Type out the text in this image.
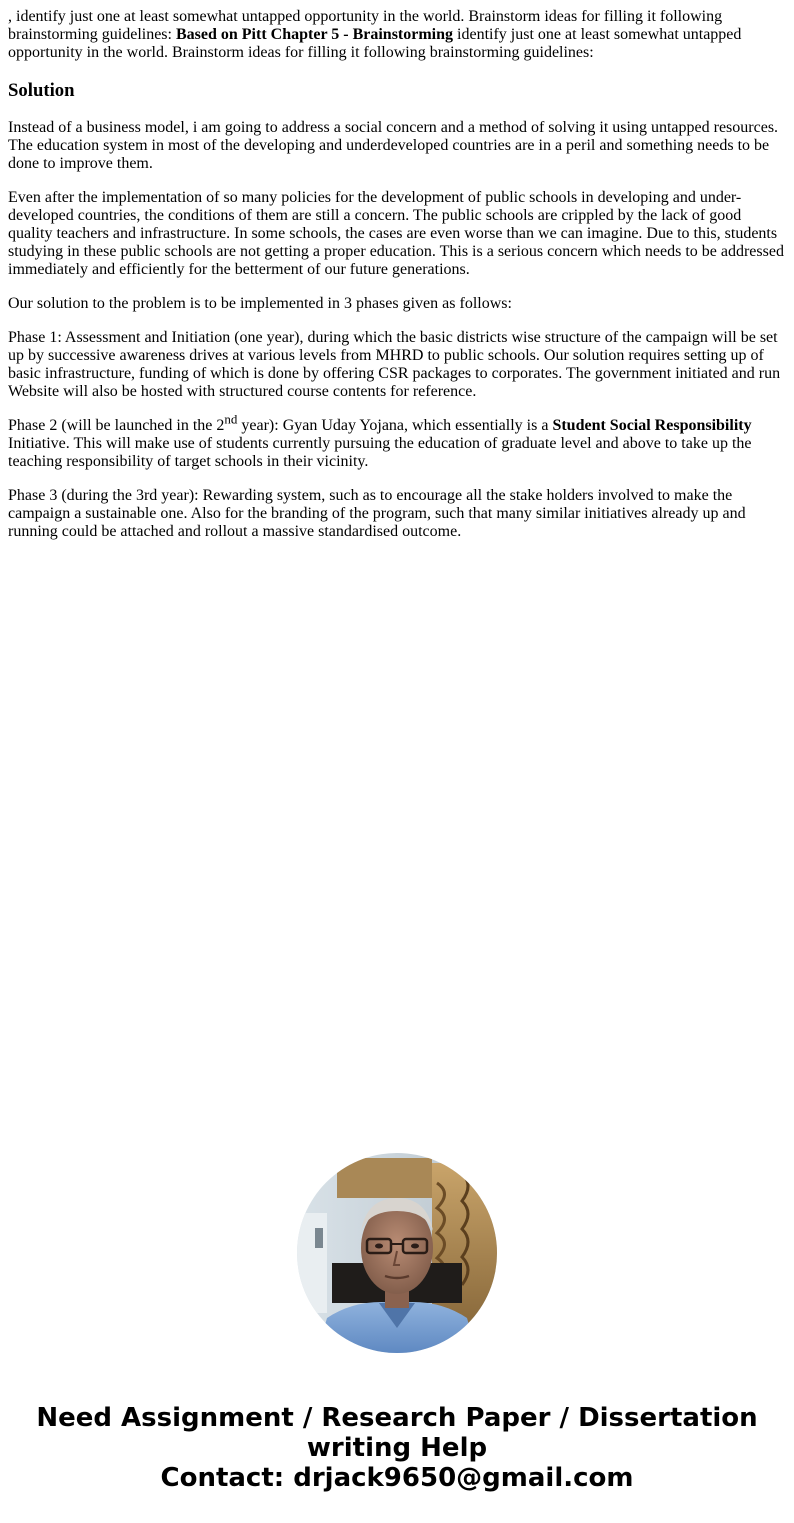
, identify just one at least somewhat untapped opportunity in the world. Brainstorm ideas for filling it following brainstorming guidelines: Based on Pitt Chapter 5 - Brainstorming identify just one at least somewhat untapped opportunity in the world. Brainstorm ideas for filling it following brainstorming guidelines:

Solution

Instead of a business model, i am going to address a social concern and a method of solving it using untapped resources. The education system in most of the developing and underdeveloped countries are in a peril and something needs to be done to improve them.

Even after the implementation of so many policies for the development of public schools in developing and under-developed countries, the conditions of them are still a concern. The public schools are crippled by the lack of good quality teachers and infrastructure. In some schools, the cases are even worse than we can imagine. Due to this, students studying in these public schools are not getting a proper education. This is a serious concern which needs to be addressed immediately and efficiently for the betterment of our future generations.

Our solution to the problem is to be implemented in 3 phases given as follows:

Phase 1: Assessment and Initiation (one year), during which the basic districts wise structure of the campaign will be set up by successive awareness drives at various levels from MHRD to public schools. Our solution requires setting up of basic infrastructure, funding of which is done by offering CSR packages to corporates. The government initiated and run Website will also be hosted with structured course contents for reference.

Phase 2 (will be launched in the 2nd year): Gyan Uday Yojana, which essentially is a Student Social Responsibility Initiative. This will make use of students currently pursuing the education of graduate level and above to take up the teaching responsibility of target schools in their vicinity.

Phase 3 (during the 3rd year): Rewarding system, such as to encourage all the stake holders involved to make the campaign a sustainable one. Also for the branding of the program, such that many similar initiatives already up and running could be attached and rollout a massive standardised outcome.

Need Assignment / Research Paper / Dissertation writing Help
Contact: drjack9650@gmail.com
